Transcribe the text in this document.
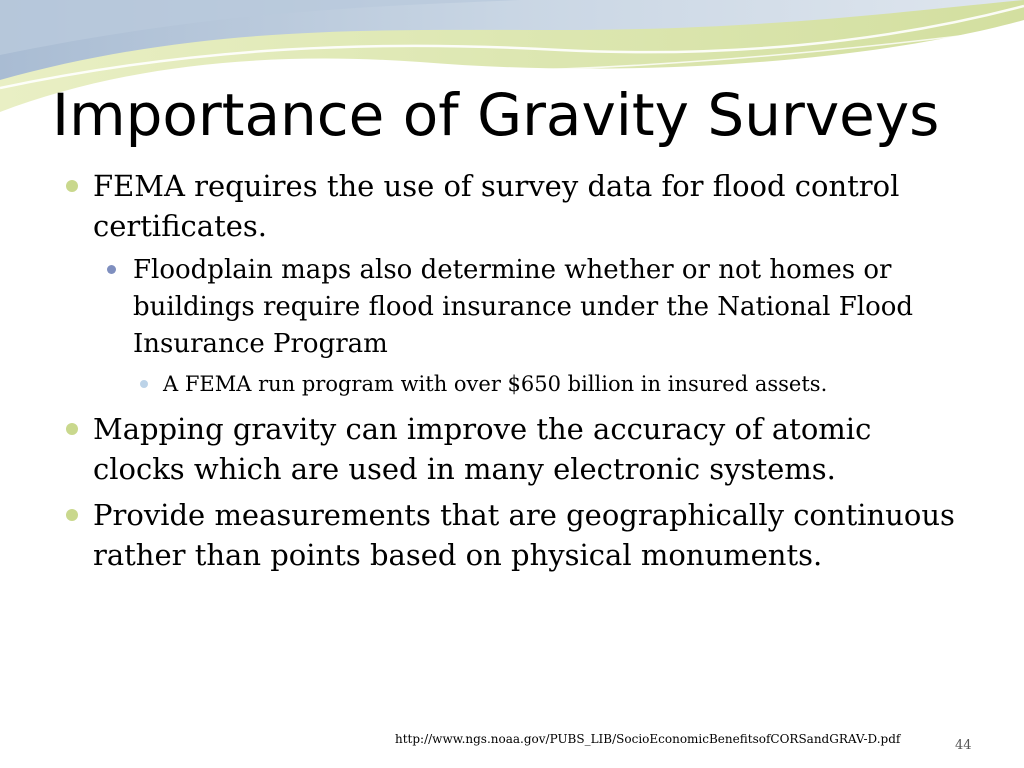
Importance of Gravity Surveys
FEMA requires the use of survey data for flood control certificates.
Floodplain maps also determine whether or not homes or buildings require flood insurance under the National Flood Insurance Program
A FEMA run program with over $650 billion in insured assets.
Mapping gravity can improve the accuracy of atomic clocks which are used in many electronic systems.
Provide measurements that are geographically continuous rather than points based on physical monuments.
http://www.ngs.noaa.gov/PUBS_LIB/SocioEconomicBenefitsofCORSandGRAV-D.pdf	44
